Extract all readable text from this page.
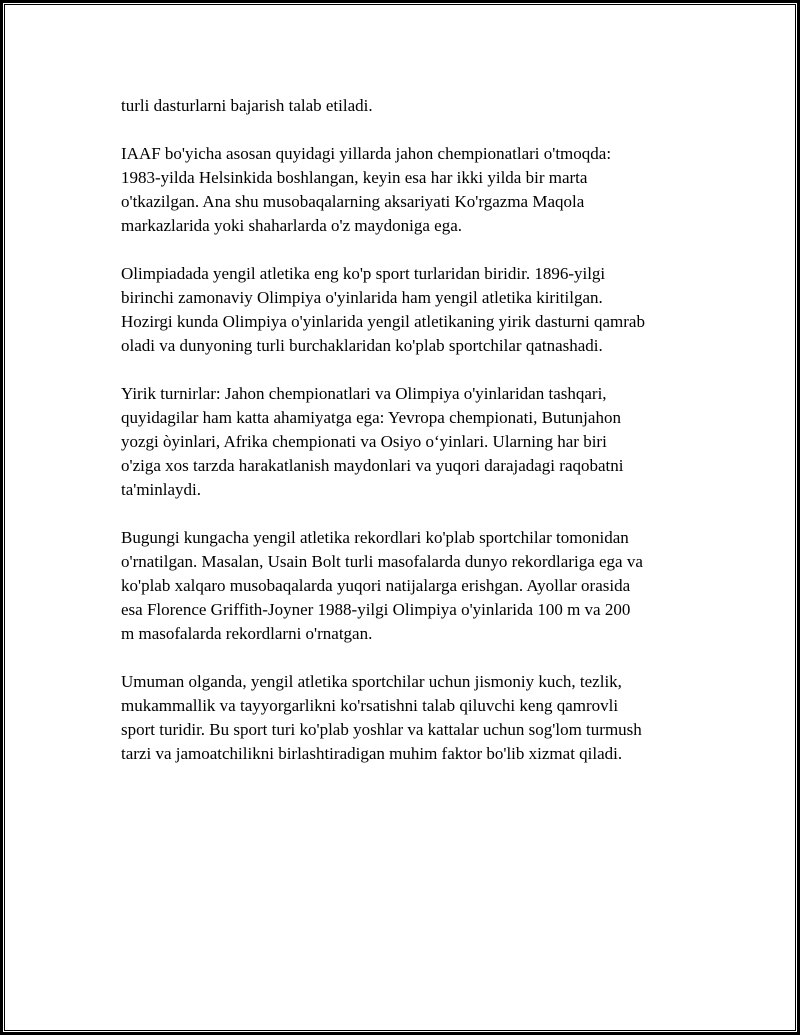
turli dasturlarni bajarish talab etiladi.

IAAF bo'yicha asosan quyidagi yillarda jahon chempionatlari o'tmoqda:
1983-yilda Helsinkida boshlangan, keyin esa har ikki yilda bir marta
o'tkazilgan. Ana shu musobaqalarning aksariyati Ko'rgazma Maqola
markazlarida yoki shaharlarda o'z maydoniga ega.

Olimpiadada yengil atletika eng ko'p sport turlaridan biridir. 1896-yilgi
birinchi zamonaviy Olimpiya o'yinlarida ham yengil atletika kiritilgan.
Hozirgi kunda Olimpiya o'yinlarida yengil atletikaning yirik dasturni qamrab
oladi va dunyoning turli burchaklaridan ko'plab sportchilar qatnashadi.

Yirik turnirlar: Jahon chempionatlari va Olimpiya o'yinlaridan tashqari,
quyidagilar ham katta ahamiyatga ega: Yevropa chempionati, Butunjahon
yozgi òyinlari, Afrika chempionati va Osiyo o‘yinlari. Ularning har biri
o'ziga xos tarzda harakatlanish maydonlari va yuqori darajadagi raqobatni
ta'minlaydi.

Bugungi kungacha yengil atletika rekordlari ko'plab sportchilar tomonidan
o'rnatilgan. Masalan, Usain Bolt turli masofalarda dunyo rekordlariga ega va
ko'plab xalqaro musobaqalarda yuqori natijalarga erishgan. Ayollar orasida
esa Florence Griffith-Joyner 1988-yilgi Olimpiya o'yinlarida 100 m va 200
m masofalarda rekordlarni o'rnatgan.

Umuman olganda, yengil atletika sportchilar uchun jismoniy kuch, tezlik,
mukammallik va tayyorgarlikni ko'rsatishni talab qiluvchi keng qamrovli
sport turidir. Bu sport turi ko'plab yoshlar va kattalar uchun sog'lom turmush
tarzi va jamoatchilikni birlashtiradigan muhim faktor bo'lib xizmat qiladi.
